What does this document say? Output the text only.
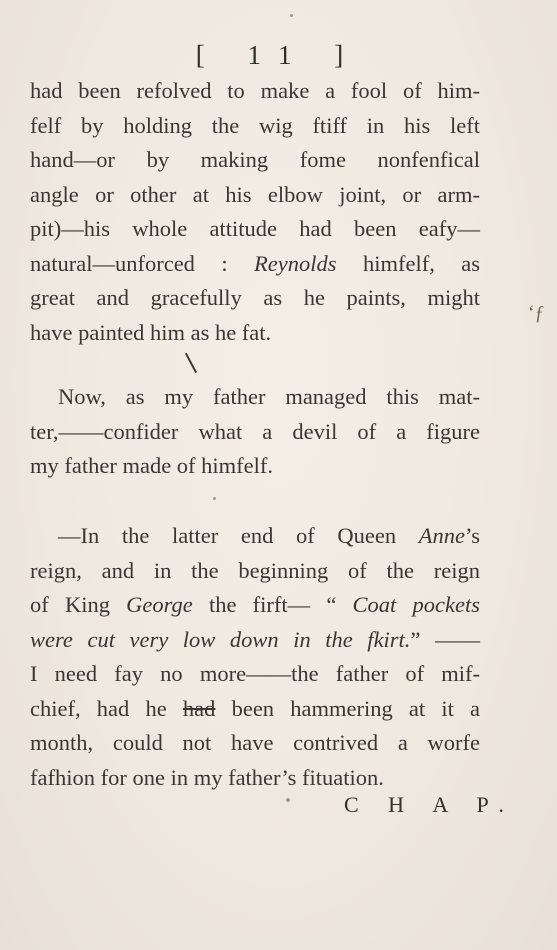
[ 11 ]
had been refolved to make a fool of him-
felf by holding the wig ftiff in his left
hand—or by making fome nonfenfical
angle or other at his elbow joint, or arm-
pit)—his whole attitude had been eafy—
natural—unforced : Reynolds himfelf, as
great and gracefully as he paints, might
have painted him as he fat.
Now, as my father managed this mat-
ter,——confider what a devil of a figure
my father made of himfelf.
—In the latter end of Queen Anne’s
reign, and in the beginning of the reign
of King George the firft— “ Coat pockets
were cut very low down in the fkirt.” ——
I need fay no more——the father of mif-
chief, had he had been hammering at it a
month, could not have contrived a worfe
fafhion for one in my father’s fituation.
C H A P.
ʻƒ
